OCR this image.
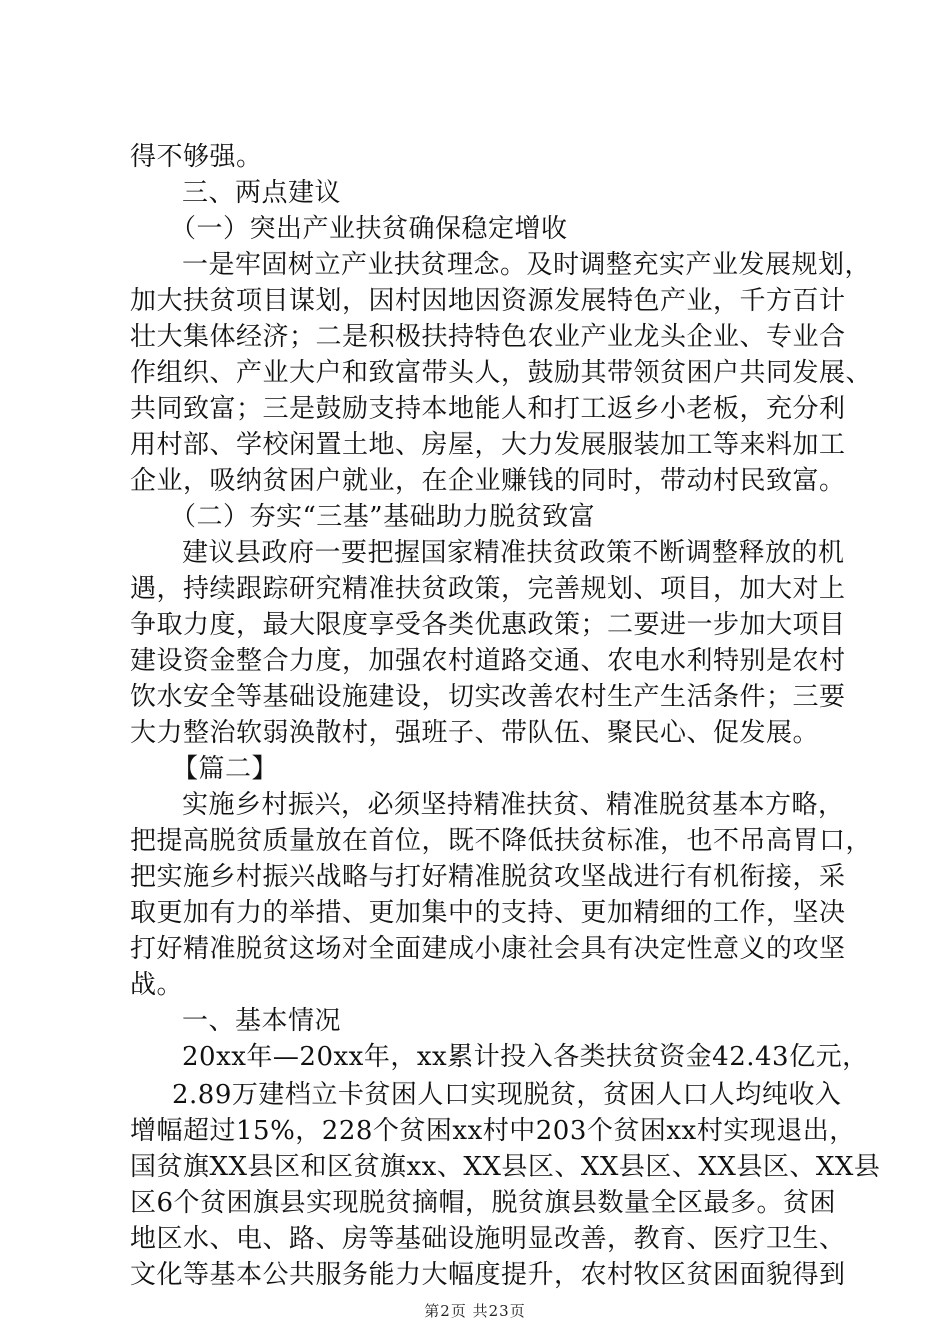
得不够强。
三、两点建议
（一）突出产业扶贫确保稳定增收
一是牢固树立产业扶贫理念。及时调整充实产业发展规划，
加大扶贫项目谋划，因村因地因资源发展特色产业，千方百计
壮大集体经济；二是积极扶持特色农业产业龙头企业、专业合
作组织、产业大户和致富带头人，鼓励其带领贫困户共同发展、
共同致富；三是鼓励支持本地能人和打工返乡小老板，充分利
用村部、学校闲置土地、房屋，大力发展服装加工等来料加工
企业，吸纳贫困户就业，在企业赚钱的同时，带动村民致富。
（二）夯实“三基”基础助力脱贫致富
建议县政府一要把握国家精准扶贫政策不断调整释放的机
遇，持续跟踪研究精准扶贫政策，完善规划、项目，加大对上
争取力度，最大限度享受各类优惠政策；二要进一步加大项目
建设资金整合力度，加强农村道路交通、农电水利特别是农村
饮水安全等基础设施建设，切实改善农村生产生活条件；三要
大力整治软弱涣散村，强班子、带队伍、聚民心、促发展。
【篇二】
实施乡村振兴，必须坚持精准扶贫、精准脱贫基本方略，
把提高脱贫质量放在首位，既不降低扶贫标准，也不吊高胃口，
把实施乡村振兴战略与打好精准脱贫攻坚战进行有机衔接，采
取更加有力的举措、更加集中的支持、更加精细的工作，坚决
打好精准脱贫这场对全面建成小康社会具有决定性意义的攻坚
战。
一、基本情况
20xx年—20xx年，xx累计投入各类扶贫资金42.43亿元，
第2页 共23页
2.89万建档立卡贫困人口实现脱贫，贫困人口人均纯收入
增幅超过15%，228个贫困xx村中203个贫困xx村实现退出，
国贫旗XX县区和区贫旗xx、XX县区、XX县区、XX县区、XX县
区6个贫困旗县实现脱贫摘帽，脱贫旗县数量全区最多。贫困
地区水、电、路、房等基础设施明显改善，教育、医疗卫生、
文化等基本公共服务能力大幅度提升，农村牧区贫困面貌得到
